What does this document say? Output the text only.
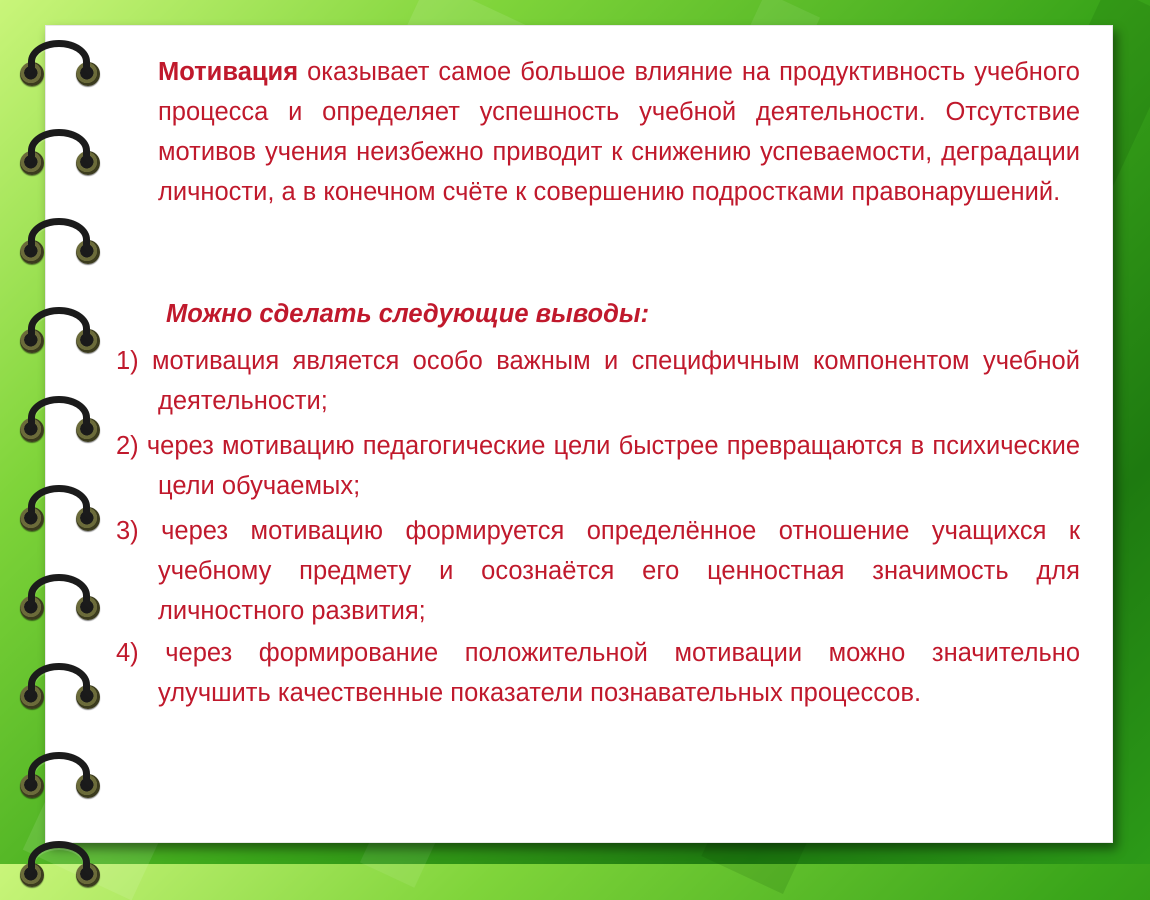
Мотивация оказывает самое большое влияние на продуктивность учебного процесса и определяет успешность учебной деятельности. Отсутствие мотивов учения неизбежно приводит к снижению успеваемости, деградации личности, а в конечном счёте к совершению подростками правонарушений.
Можно сделать следующие выводы:
1) мотивация является особо важным и специфичным компонентом учебной деятельности;
2) через мотивацию педагогические цели быстрее превращаются в психические цели обучаемых;
3) через мотивацию формируется определённое отношение учащихся к учебному предмету и осознаётся его ценностная значимость для личностного развития;
4) через формирование положительной мотивации можно значительно улучшить качественные показатели познавательных процессов.
